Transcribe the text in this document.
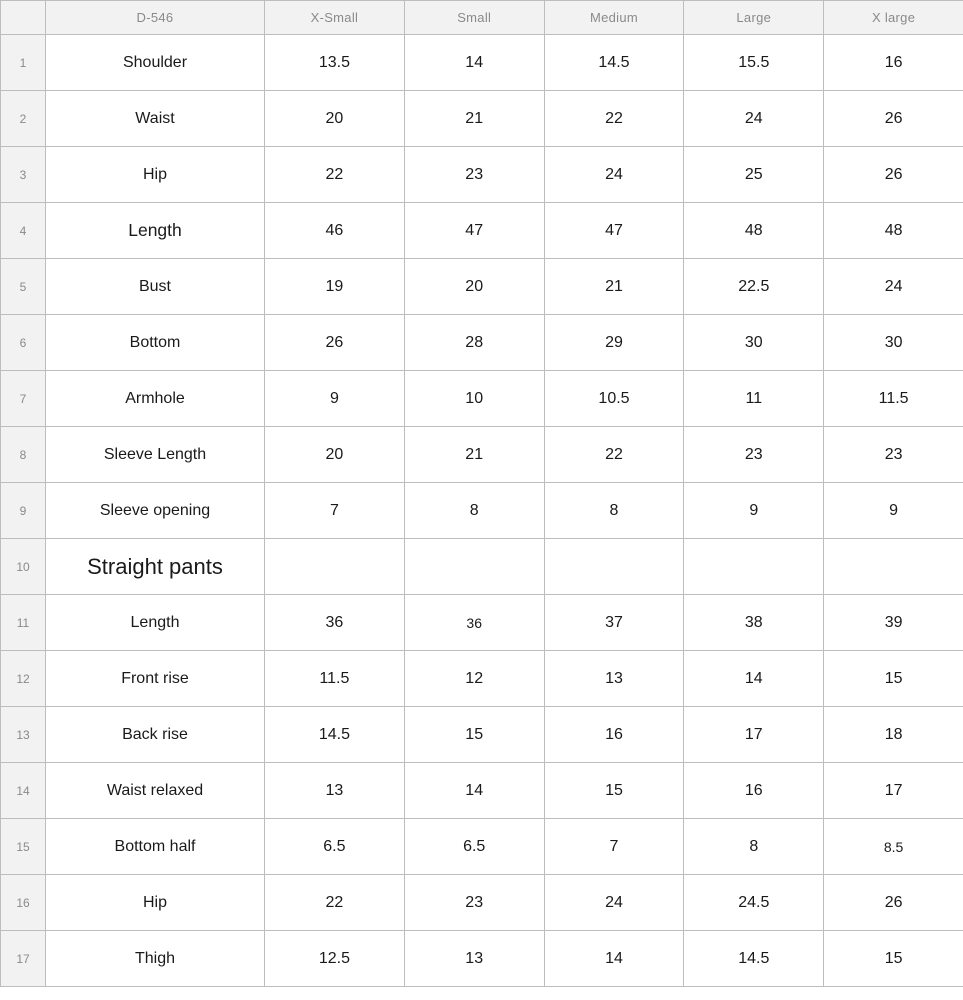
	D-546	X-Small	Small	Medium	Large	X large
1	Shoulder	13.5	14	14.5	15.5	16
2	Waist	20	21	22	24	26
3	Hip	22	23	24	25	26
4	Length	46	47	47	48	48
5	Bust	19	20	21	22.5	24
6	Bottom	26	28	29	30	30
7	Armhole	9	10	10.5	11	11.5
8	Sleeve Length	20	21	22	23	23
9	Sleeve opening	7	8	8	9	9
10	Straight pants					
11	Length	36	36	37	38	39
12	Front rise	11.5	12	13	14	15
13	Back rise	14.5	15	16	17	18
14	Waist relaxed	13	14	15	16	17
15	Bottom half	6.5	6.5	7	8	8.5
16	Hip	22	23	24	24.5	26
17	Thigh	12.5	13	14	14.5	15
